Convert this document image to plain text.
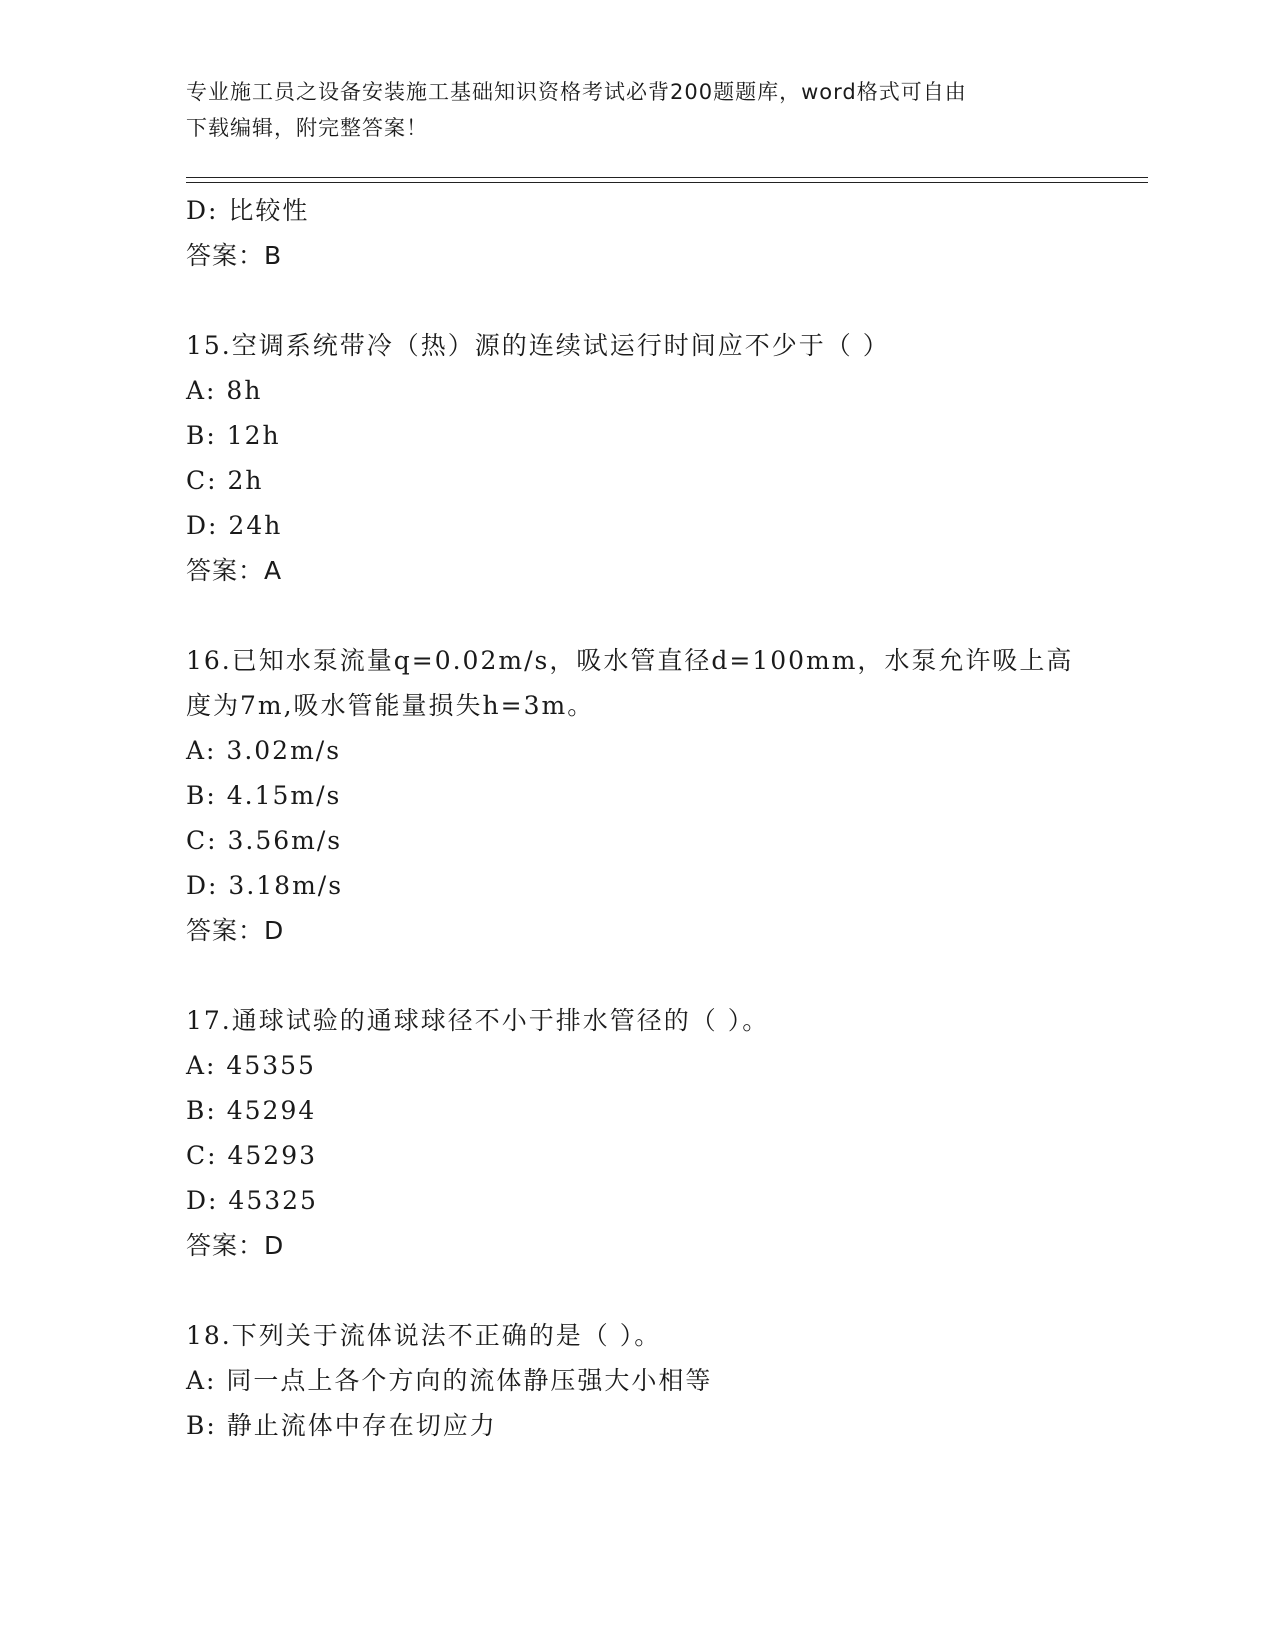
专业施工员之设备安装施工基础知识资格考试必背200题题库，word格式可自由
下载编辑，附完整答案！
D: 比较性
答案：B
15.空调系统带冷（热）源的连续试运行时间应不少于（ ）
A: 8h
B: 12h
C: 2h
D: 24h
答案：A
16.已知水泵流量q=0.02m/s，吸水管直径d=100mm，水泵允许吸上高
度为7m,吸水管能量损失h=3m。
A: 3.02m/s
B: 4.15m/s
C: 3.56m/s
D: 3.18m/s
答案：D
17.通球试验的通球球径不小于排水管径的（ ）。
A: 45355
B: 45294
C: 45293
D: 45325
答案：D
18.下列关于流体说法不正确的是（ ）。
A: 同一点上各个方向的流体静压强大小相等
B: 静止流体中存在切应力
